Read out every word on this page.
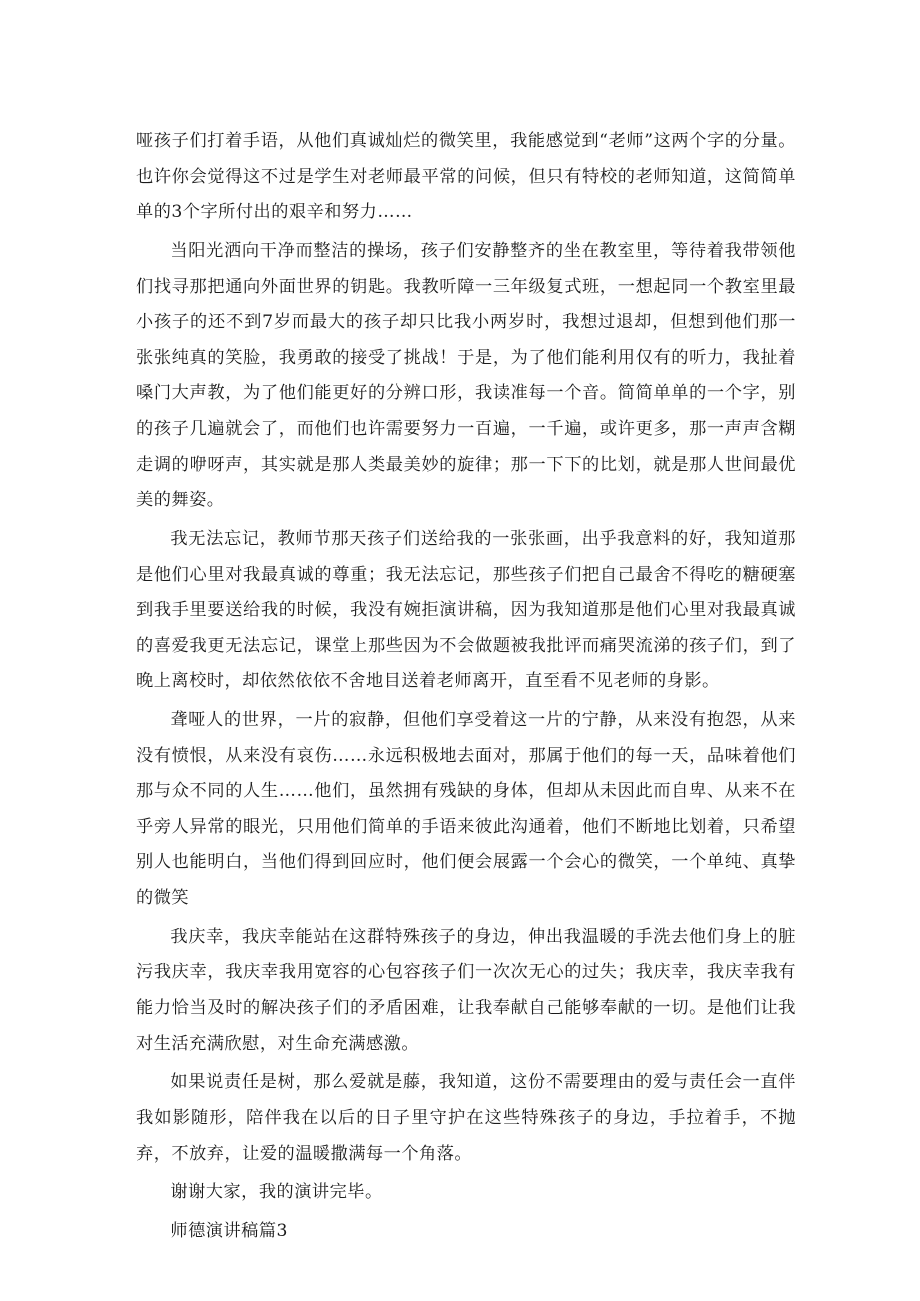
哑孩子们打着手语，从他们真诚灿烂的微笑里，我能感觉到“老师”这两个字的分量。也许你会觉得这不过是学生对老师最平常的问候，但只有特校的老师知道，这简简单单的3个字所付出的艰辛和努力……

当阳光洒向干净而整洁的操场，孩子们安静整齐的坐在教室里，等待着我带领他们找寻那把通向外面世界的钥匙。我教听障一三年级复式班，一想起同一个教室里最小孩子的还不到7岁而最大的孩子却只比我小两岁时，我想过退却，但想到他们那一张张纯真的笑脸，我勇敢的接受了挑战！于是，为了他们能利用仅有的听力，我扯着嗓门大声教，为了他们能更好的分辨口形，我读准每一个音。简简单单的一个字，别的孩子几遍就会了，而他们也许需要努力一百遍，一千遍，或许更多，那一声声含糊走调的咿呀声，其实就是那人类最美妙的旋律；那一下下的比划，就是那人世间最优美的舞姿。

我无法忘记，教师节那天孩子们送给我的一张张画，出乎我意料的好，我知道那是他们心里对我最真诚的尊重；我无法忘记，那些孩子们把自己最舍不得吃的糖硬塞到我手里要送给我的时候，我没有婉拒演讲稿，因为我知道那是他们心里对我最真诚的喜爱我更无法忘记，课堂上那些因为不会做题被我批评而痛哭流涕的孩子们，到了晚上离校时，却依然依依不舍地目送着老师离开，直至看不见老师的身影。

聋哑人的世界，一片的寂静，但他们享受着这一片的宁静，从来没有抱怨，从来没有愤恨，从来没有哀伤……永远积极地去面对，那属于他们的每一天，品味着他们那与众不同的人生……他们，虽然拥有残缺的身体，但却从未因此而自卑、从来不在乎旁人异常的眼光，只用他们简单的手语来彼此沟通着，他们不断地比划着，只希望别人也能明白，当他们得到回应时，他们便会展露一个会心的微笑，一个单纯、真挚的微笑

我庆幸，我庆幸能站在这群特殊孩子的身边，伸出我温暖的手洗去他们身上的脏污我庆幸，我庆幸我用宽容的心包容孩子们一次次无心的过失；我庆幸，我庆幸我有能力恰当及时的解决孩子们的矛盾困难，让我奉献自己能够奉献的一切。是他们让我对生活充满欣慰，对生命充满感激。

如果说责任是树，那么爱就是藤，我知道，这份不需要理由的爱与责任会一直伴我如影随形，陪伴我在以后的日子里守护在这些特殊孩子的身边，手拉着手，不抛弃，不放弃，让爱的温暖撒满每一个角落。

谢谢大家，我的演讲完毕。

师德演讲稿篇3
